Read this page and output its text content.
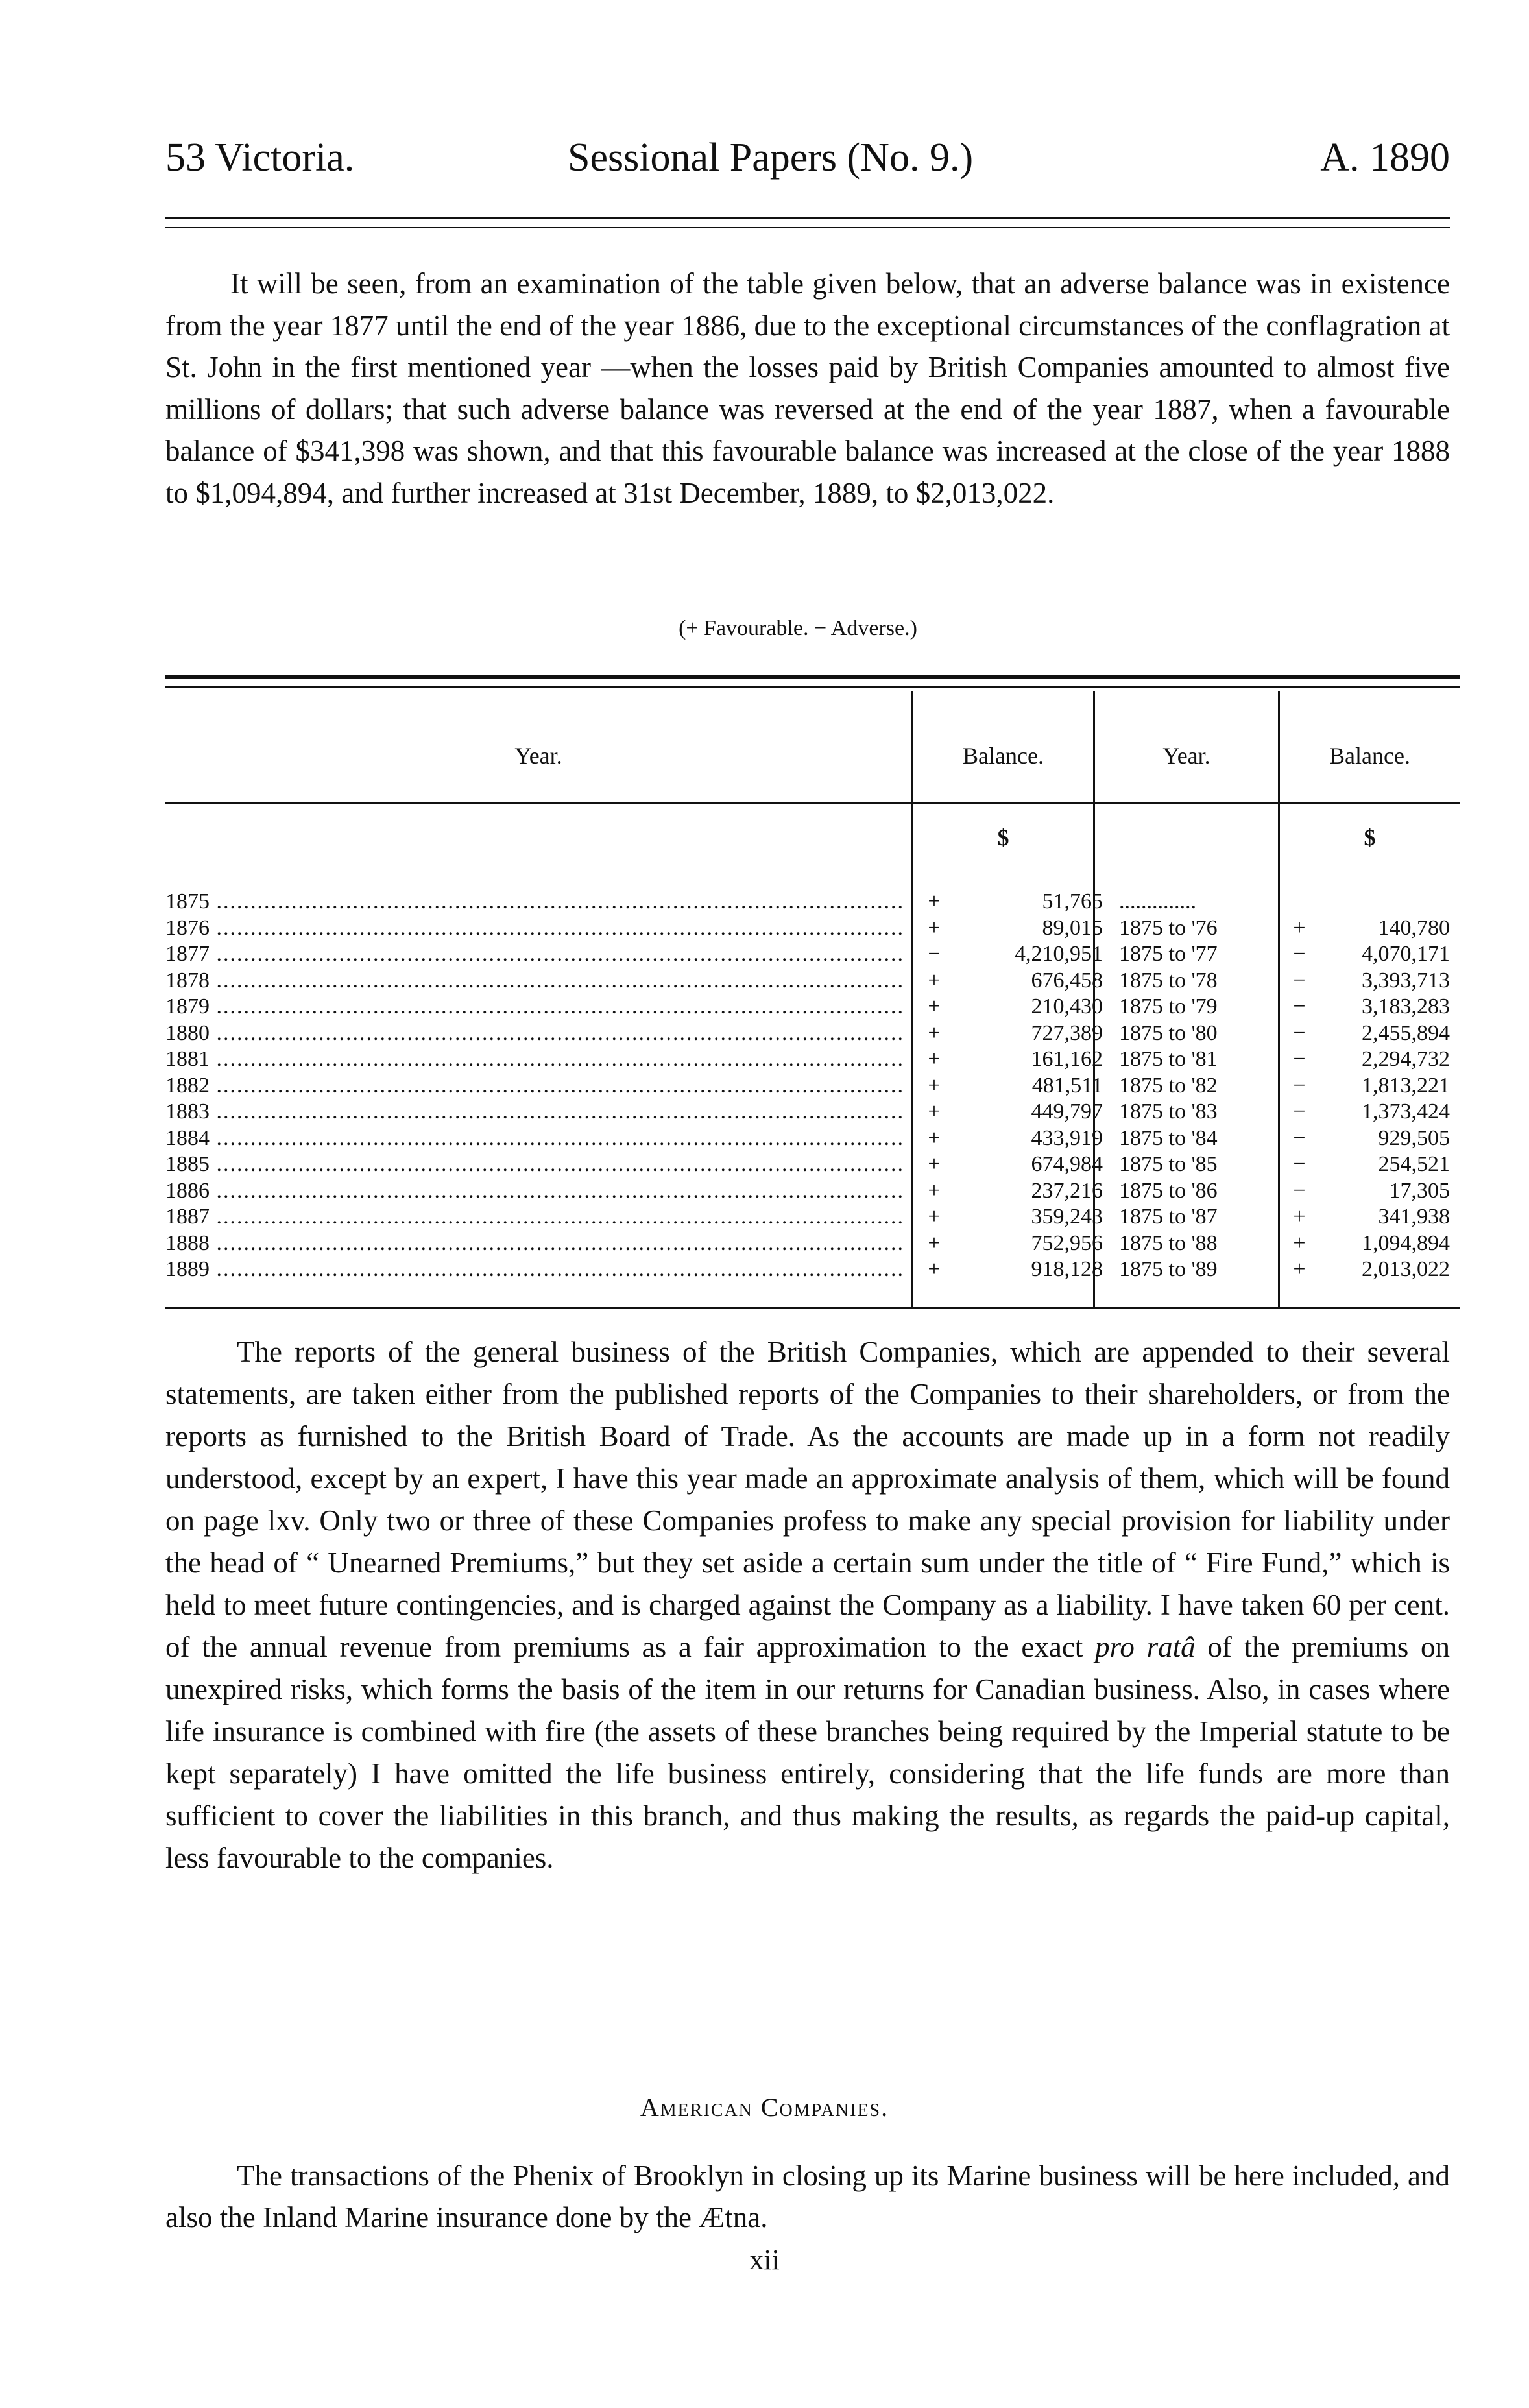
53 Victoria.	Sessional Papers (No. 9.)	A. 1890

It will be seen, from an examination of the table given below, that an adverse balance was in existence from the year 1877 until the end of the year 1886, due to the exceptional circumstances of the conflagration at St. John in the first mentioned year —when the losses paid by British Companies amounted to almost five millions of dollars; that such adverse balance was reversed at the end of the year 1887, when a favourable balance of $341,398 was shown, and that this favourable balance was increased at the close of the year 1888 to $1,094,894, and further increased at 31st December, 1889, to $2,013,022.

(+ Favourable. − Adverse.)
Year.	Balance.	Year.	Balance.
$	$
1875 .....	+	51,765 ..............
1876 .....	+	89,015 1875 to '76	+	140,780
1877 .....	−	4,210,951 1875 to '77	−	4,070,171
1878 .....	+	676,458 1875 to '78	−	3,393,713
1879 .....	+	210,430 1875 to '79	−	3,183,283
1880 .....	+	727,389 1875 to '80	−	2,455,894
1881 .....	+	161,162 1875 to '81	−	2,294,732
1882 .....	+	481,511 1875 to '82	−	1,813,221
1883 .....	+	449,797 1875 to '83	−	1,373,424
1884 .....	+	433,919 1875 to '84	−	929,505
1885 .....	+	674,984 1875 to '85	−	254,521
1886 .....	+	237,216 1875 to '86	−	17,305
1887 .....	+	359,243 1875 to '87	+	341,938
1888 .....	+	752,956 1875 to '88	+	1,094,894
1889 .....	+	918,128 1875 to '89	+	2,013,022

The reports of the general business of the British Companies, which are appended to their several statements, are taken either from the published reports of the Companies to their shareholders, or from the reports as furnished to the British Board of Trade. As the accounts are made up in a form not readily understood, except by an expert, I have this year made an approximate analysis of them, which will be found on page lxv. Only two or three of these Companies profess to make any special provision for liability under the head of “ Unearned Premiums,” but they set aside a certain sum under the title of “ Fire Fund,” which is held to meet future contingencies, and is charged against the Company as a liability. I have taken 60 per cent. of the annual revenue from premiums as a fair approximation to the exact pro ratâ of the premiums on unexpired risks, which forms the basis of the item in our returns for Canadian business. Also, in cases where life insurance is combined with fire (the assets of these branches being required by the Imperial statute to be kept separately) I have omitted the life business entirely, considering that the life funds are more than sufficient to cover the liabilities in this branch, and thus making the results, as regards the paid-up capital, less favourable to the companies.

American Companies.

The transactions of the Phenix of Brooklyn in closing up its Marine business will be here included, and also the Inland Marine insurance done by the Ætna.

xii
